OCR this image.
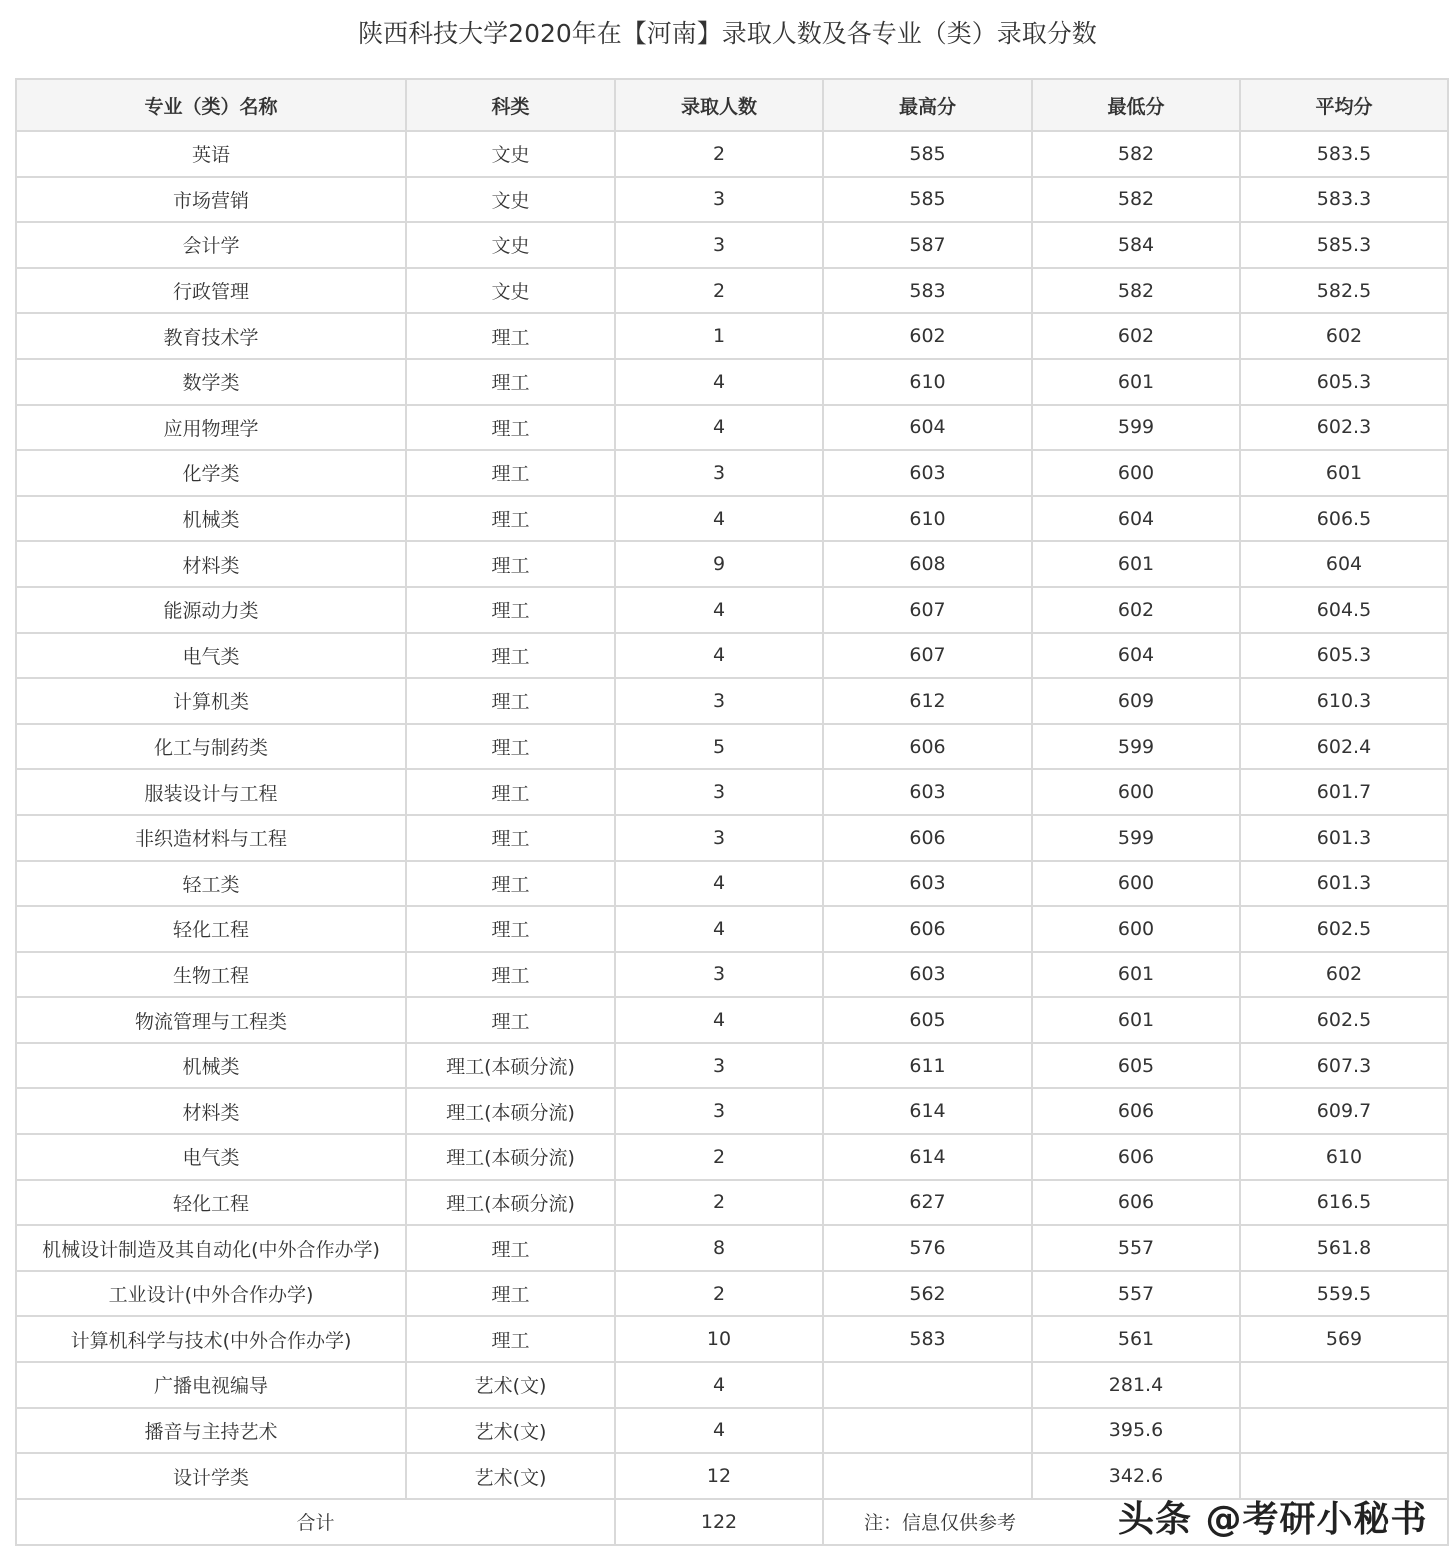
陕西科技大学2020年在【河南】录取人数及各专业（类）录取分数
专业（类）名称	科类	录取人数	最高分	最低分	平均分
英语	文史	2	585	582	583.5
市场营销	文史	3	585	582	583.3
会计学	文史	3	587	584	585.3
行政管理	文史	2	583	582	582.5
教育技术学	理工	1	602	602	602
数学类	理工	4	610	601	605.3
应用物理学	理工	4	604	599	602.3
化学类	理工	3	603	600	601
机械类	理工	4	610	604	606.5
材料类	理工	9	608	601	604
能源动力类	理工	4	607	602	604.5
电气类	理工	4	607	604	605.3
计算机类	理工	3	612	609	610.3
化工与制药类	理工	5	606	599	602.4
服装设计与工程	理工	3	603	600	601.7
非织造材料与工程	理工	3	606	599	601.3
轻工类	理工	4	603	600	601.3
轻化工程	理工	4	606	600	602.5
生物工程	理工	3	603	601	602
物流管理与工程类	理工	4	605	601	602.5
机械类	理工(本硕分流)	3	611	605	607.3
材料类	理工(本硕分流)	3	614	606	609.7
电气类	理工(本硕分流)	2	614	606	610
轻化工程	理工(本硕分流)	2	627	606	616.5
机械设计制造及其自动化(中外合作办学)	理工	8	576	557	561.8
工业设计(中外合作办学)	理工	2	562	557	559.5
计算机科学与技术(中外合作办学)	理工	10	583	561	569
广播电视编导	艺术(文)	4		281.4	
播音与主持艺术	艺术(文)	4		395.6	
设计学类	艺术(文)	12		342.6	
合计		122	注：信息仅供参考			头条 @考研小秘书
